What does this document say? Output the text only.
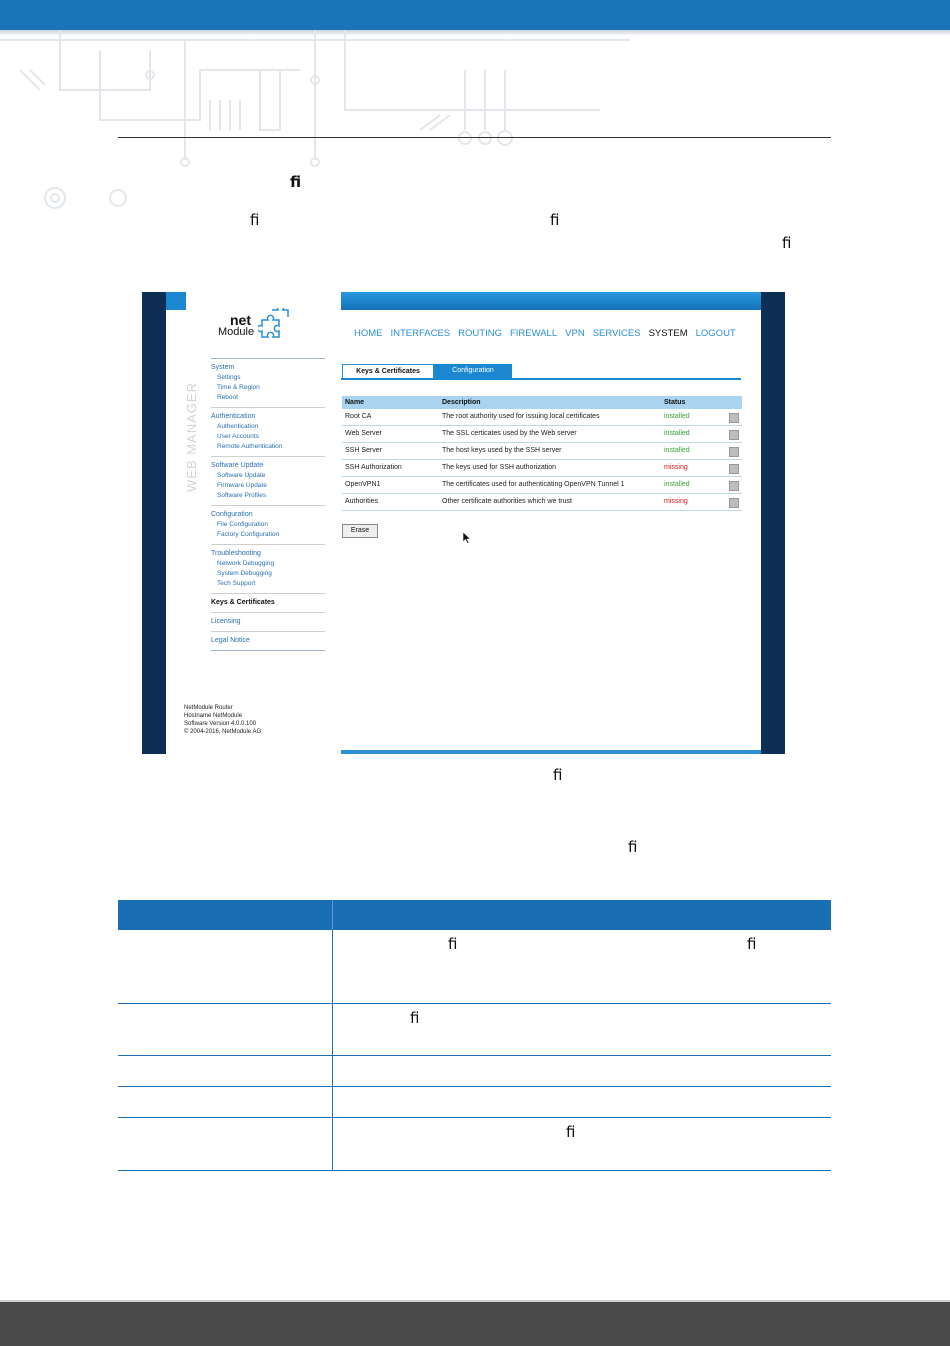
fi
fi	fi
fi
net
Module
WEB MANAGER
System
Settings
Time & Region
Reboot
Authentication
Authentication
User Accounts
Remote Authentication
Software Update
Software Update
Firmware Update
Software Profiles
Configuration
File Configuration
Factory Configuration
Troubleshooting
Network Debugging
System Debugging
Tech Support
Keys & Certificates
Licensing
Legal Notice
NetModule Router
Hostname NetModule
Software Version 4.0.0.100
© 2004-2016, NetModule AG
HOME INTERFACES ROUTING FIREWALL VPN SERVICES SYSTEM LOGOUT
Keys & Certificates	Configuration
Name	Description	Status
Root CA	The root authority used for issuing local certificates	installed
Web Server	The SSL certicates used by the Web server	installed
SSH Server	The host keys used by the SSH server	installed
SSH Authorization	The keys used for SSH authorization	missing
OpenVPN1	The certificates used for authenticating OpenVPN Tunnel 1	installed
Authorities	Other certificate authorities which we trust	missing
Erase
fi
fi
fi	fi
fi
fi
